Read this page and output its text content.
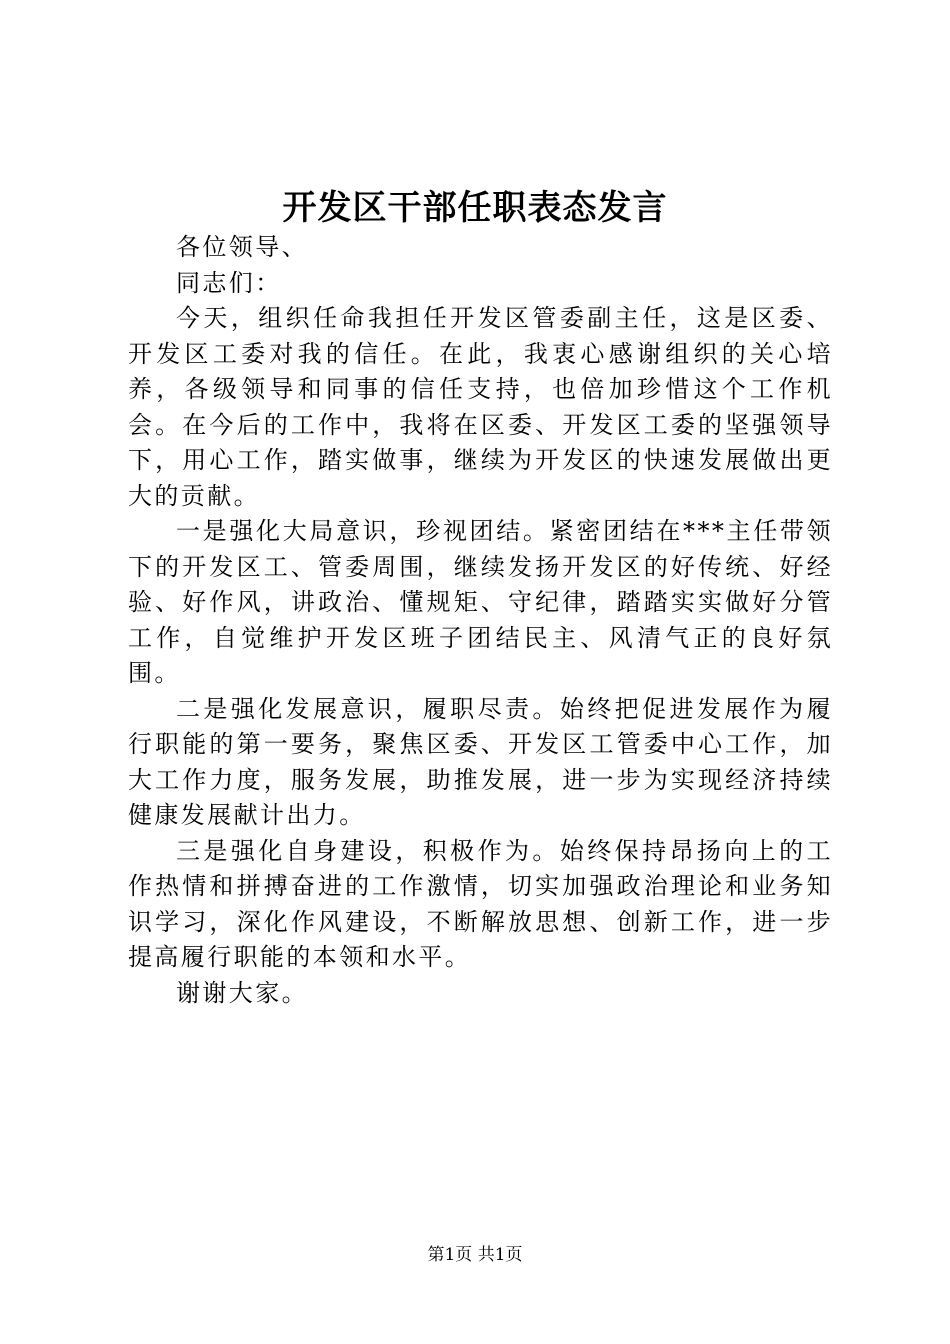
开发区干部任职表态发言

各位领导、

同志们：

今天，组织任命我担任开发区管委副主任，这是区委、开发区工委对我的信任。在此，我衷心感谢组织的关心培养，各级领导和同事的信任支持，也倍加珍惜这个工作机会。在今后的工作中，我将在区委、开发区工委的坚强领导下，用心工作，踏实做事，继续为开发区的快速发展做出更大的贡献。

一是强化大局意识，珍视团结。紧密团结在***主任带领下的开发区工、管委周围，继续发扬开发区的好传统、好经验、好作风，讲政治、懂规矩、守纪律，踏踏实实做好分管工作，自觉维护开发区班子团结民主、风清气正的良好氛围。

二是强化发展意识，履职尽责。始终把促进发展作为履行职能的第一要务，聚焦区委、开发区工管委中心工作，加大工作力度，服务发展，助推发展，进一步为实现经济持续健康发展献计出力。

三是强化自身建设，积极作为。始终保持昂扬向上的工作热情和拼搏奋进的工作激情，切实加强政治理论和业务知识学习，深化作风建设，不断解放思想、创新工作，进一步提高履行职能的本领和水平。

谢谢大家。

第1页 共1页
